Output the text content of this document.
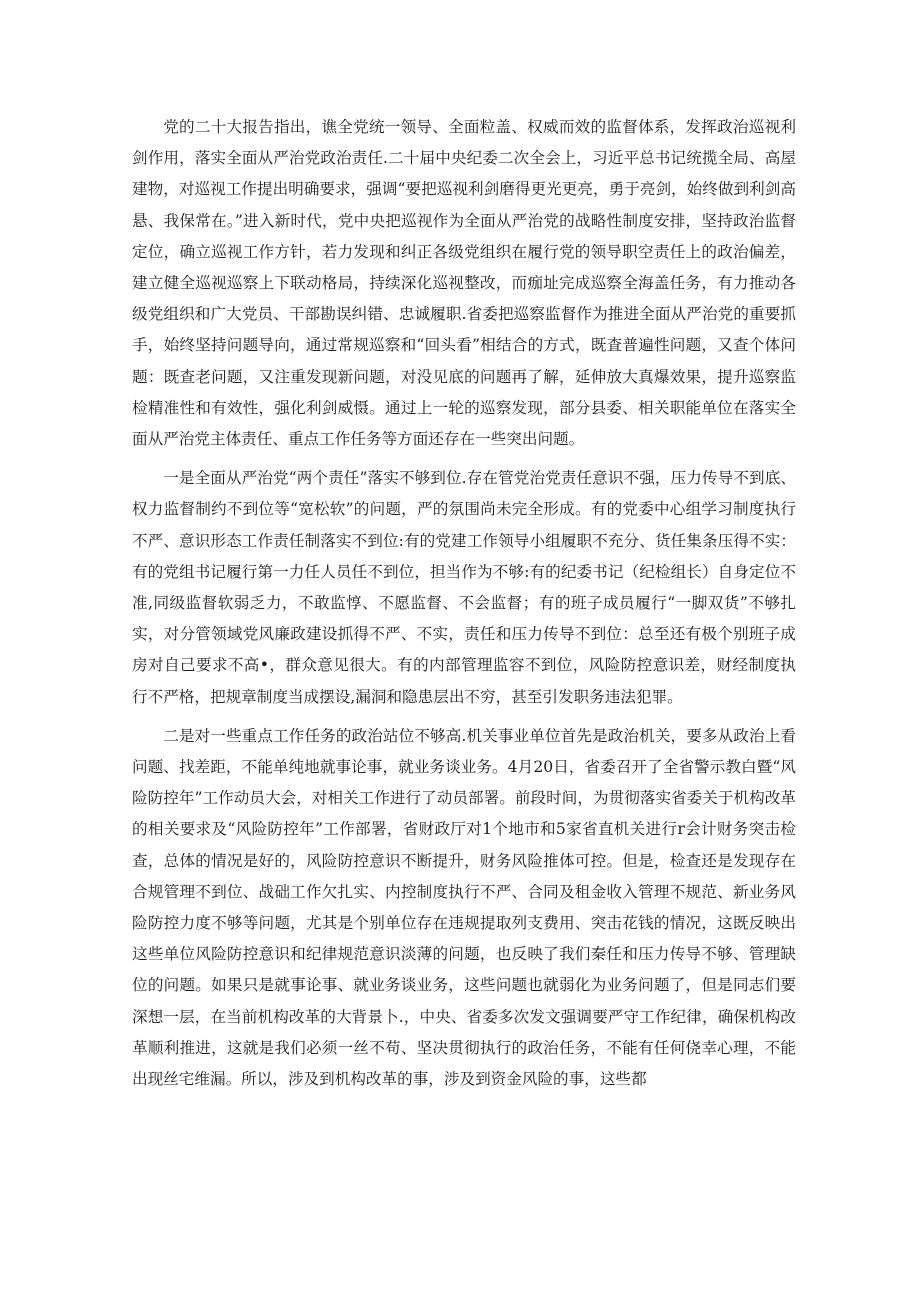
党的二十大报告指出，谯全党统一领导、全面粒盖、权威而效的监督体系，发挥政治巡视利剑作用，落实全面从严治党政治责任.二十届中央纪委二次全会上，习近平总书记统揽全局、高屋建物，对巡视工作提出明确要求，强调“要把巡视利剑磨得更光更亮，勇于亮剑，始终做到利剑高悬、我保常在。”进入新时代，党中央把巡视作为全面从严治党的战略性制度安排，坚持政治监督定位，确立巡视工作方针，若力发现和纠正各级党组织在履行党的领导职空责任上的政治偏差，建立健全巡视巡察上下联动格局，持续深化巡视整改，而痂址完成巡察全海盖任务，有力推动各级党组织和广大党员、干部勘误纠错、忠诚履职.省委把巡察监督作为推进全面从严治党的重要抓手，始终坚持问题导向，通过常规巡察和“回头看”相结合的方式，既査普遍性问题，又查个体问题：既查老问题，又注重发现新问题，对没见底的问题再了解，延伸放大真爆效果，提升巡察监检精准性和有效性，强化利剑威慑。通过上一轮的巡察发现，部分县委、相关职能单位在落实全面从严治党主体责任、重点工作任务等方面还存在一些突出问题。

一是全面从严治党“两个责任”落实不够到位.存在管党治党责任意识不强，压力传导不到底、权力监督制约不到位等“宽松软”的问题，严的氛围尚未完全形成。有的党委中心组学习制度执行不严、意识形态工作责任制落实不到位:有的党建工作领导小组履职不充分、货任集条压得不实：有的党组书记履行第一力任人员任不到位，担当作为不够:有的纪委书记（纪检组长）自身定位不准,同级监督软弱乏力，不敢监惇、不愿监督、不会监督；有的班子成员履行“一脚双货”不够扎实，对分管领域党风廉政建设抓得不严、不实，责任和压力传导不到位：总至还有极个别班子成房对自己要求不高•，群众意见很大。有的内部管理监容不到位，风险防控意识差，财经制度执行不严格，把规章制度当成摆设,漏洞和隐患层出不穷，甚至引发职务违法犯罪。

二是对一些重点工作任务的政治站位不够高.机关事业单位首先是政治机关，要多从政治上看问题、找差距，不能单纯地就事论事，就业务谈业务。4月20日，省委召开了全省警示教白暨“风险防控年”工作动员大会，对相关工作进行了动员部署。前段时间，为贯彻落实省委关于机构改革的相关要求及“风险防控年”工作部署，省财政厅对1个地市和5家省直机关进行r会计财务突击检查，总体的情况是好的，风险防控意识不断提升，财务风险推体可控。但是，检查还是发现存在合规管理不到位、战础工作欠扎实、内控制度执行不严、合同及租金收入管理不规范、新业务风险防控力度不够等问题，尤其是个别单位存在违规提取列支费用、突击花钱的情况，这既反映出这些单位风险防控意识和纪律规范意识淡薄的问题，也反映了我们秦任和压力传导不够、管理缺位的问题。如果只是就事论事、就业务谈业务，这些问题也就弱化为业务问题了，但是同志们要深想一层，在当前机构改革的大背景卜.，中央、省委多次发文强调要严守工作纪律，确保机构改革顺利推进，这就是我们必须一丝不苟、坚决贯彻执行的政治任务，不能有任何侥幸心理，不能出现丝宅维漏。所以，涉及到机构改革的事，涉及到资金风险的事，这些都
